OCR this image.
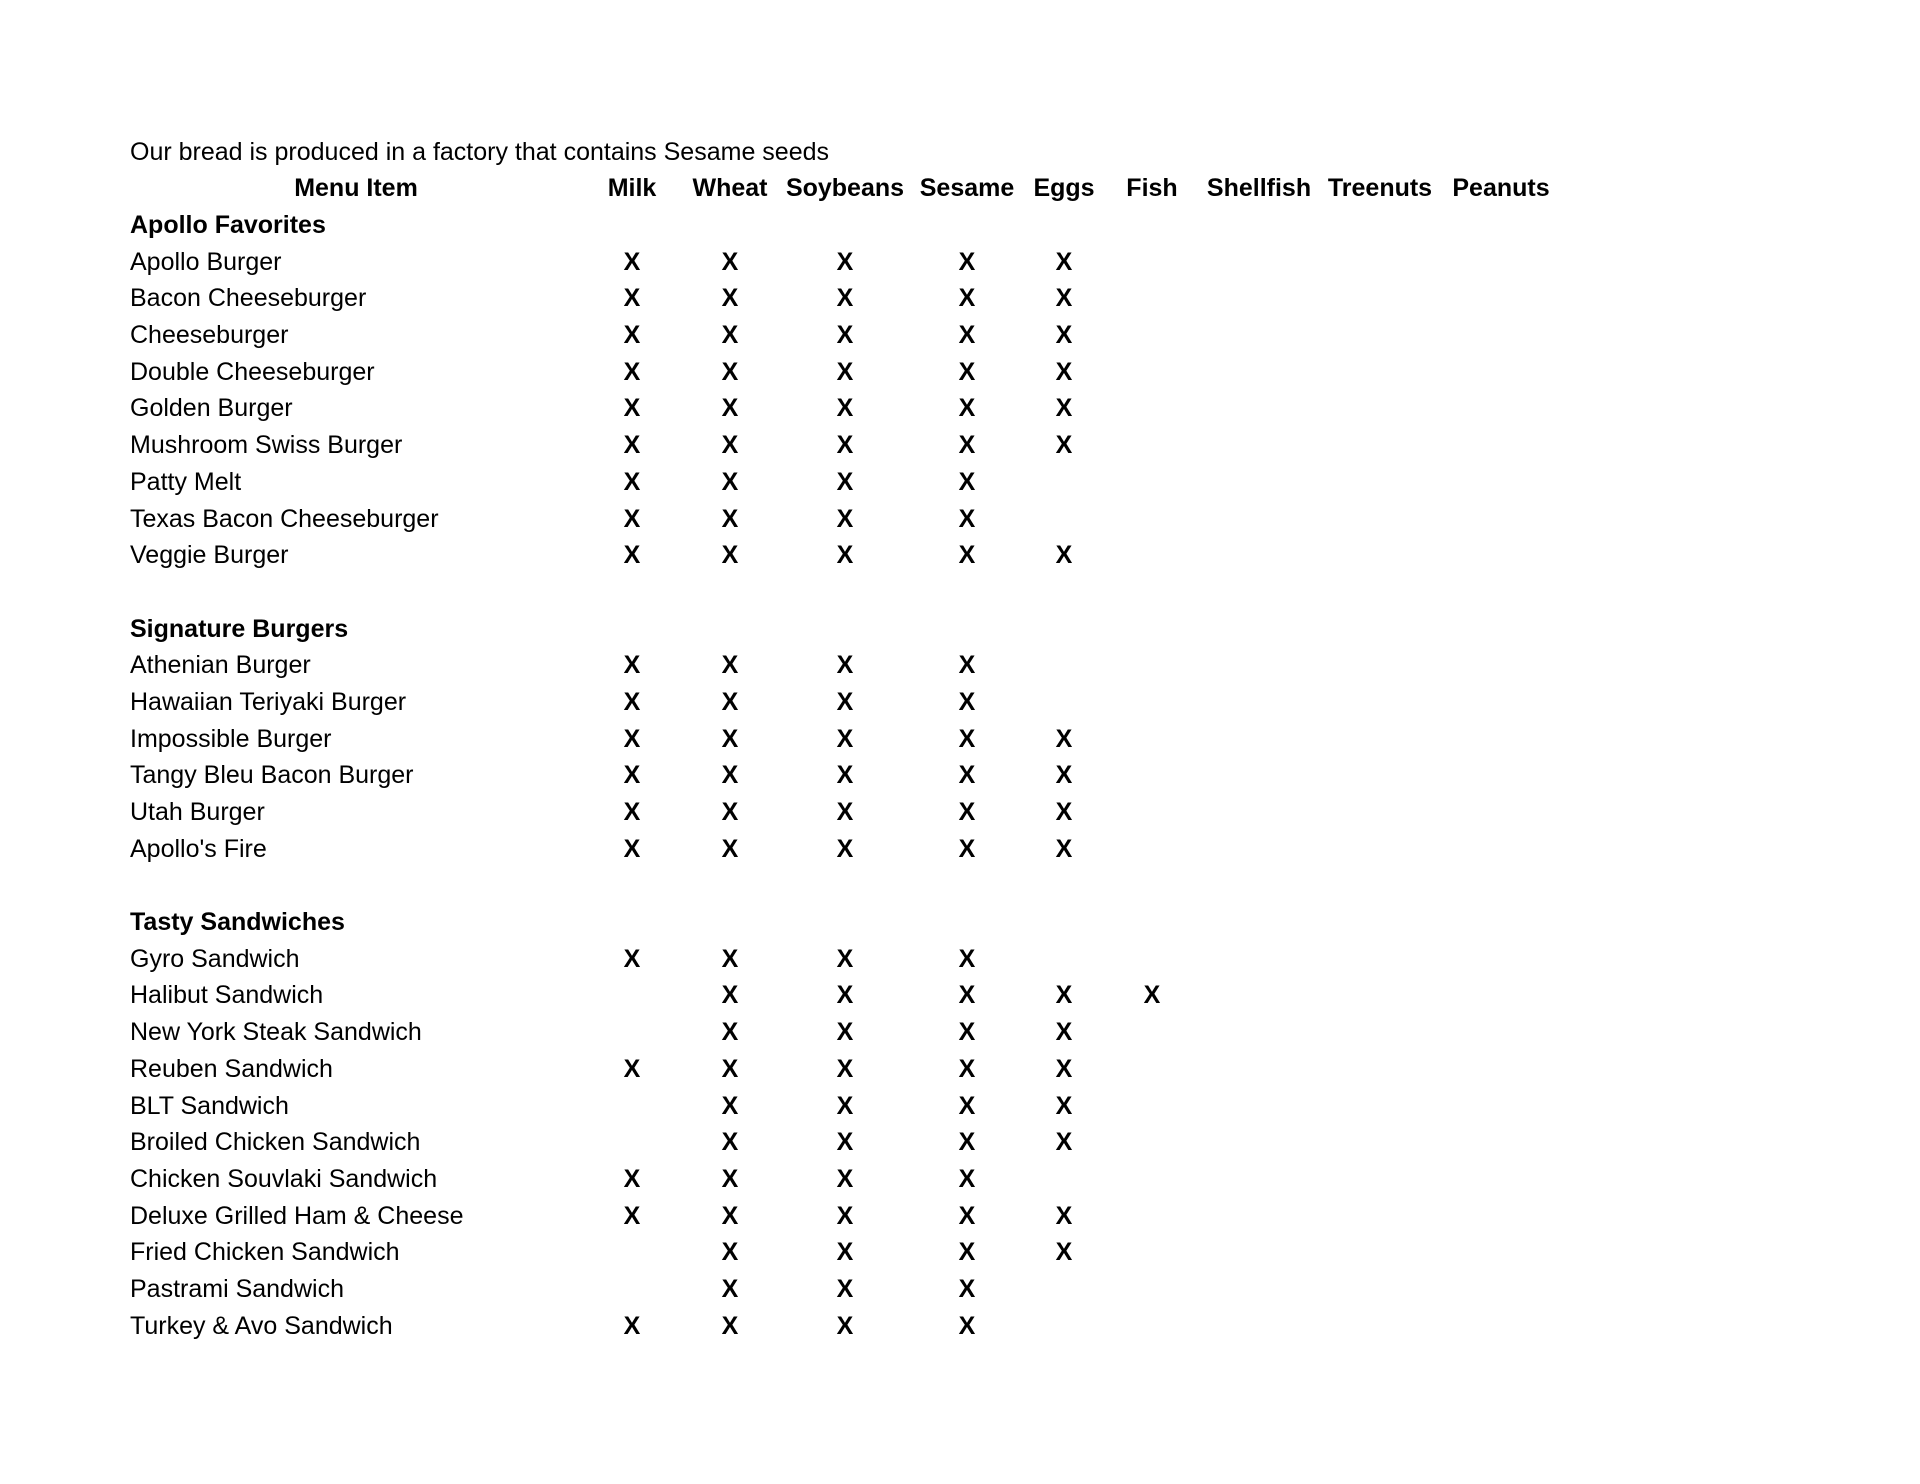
Our bread is produced in a factory that contains Sesame seeds
Menu Item	Milk	Wheat	Soybeans	Sesame	Eggs	Fish	Shellfish	Treenuts	Peanuts
Apollo Favorites									
Apollo Burger	X	X	X	X	X				
Bacon Cheeseburger	X	X	X	X	X				
Cheeseburger	X	X	X	X	X				
Double Cheeseburger	X	X	X	X	X				
Golden Burger	X	X	X	X	X				
Mushroom Swiss Burger	X	X	X	X	X				
Patty Melt	X	X	X	X					
Texas Bacon Cheeseburger	X	X	X	X					
Veggie Burger	X	X	X	X	X				

Signature Burgers									
Athenian Burger	X	X	X	X					
Hawaiian Teriyaki Burger	X	X	X	X					
Impossible Burger	X	X	X	X	X				
Tangy Bleu Bacon Burger	X	X	X	X	X				
Utah Burger	X	X	X	X	X				
Apollo's Fire	X	X	X	X	X				

Tasty Sandwiches									
Gyro Sandwich	X	X	X	X					
Halibut Sandwich		X	X	X	X	X			
New York Steak Sandwich		X	X	X	X				
Reuben Sandwich	X	X	X	X	X				
BLT Sandwich		X	X	X	X				
Broiled Chicken Sandwich		X	X	X	X				
Chicken Souvlaki Sandwich	X	X	X	X					
Deluxe Grilled Ham & Cheese	X	X	X	X	X				
Fried Chicken Sandwich		X	X	X	X				
Pastrami Sandwich		X	X	X					
Turkey & Avo Sandwich	X	X	X	X					
